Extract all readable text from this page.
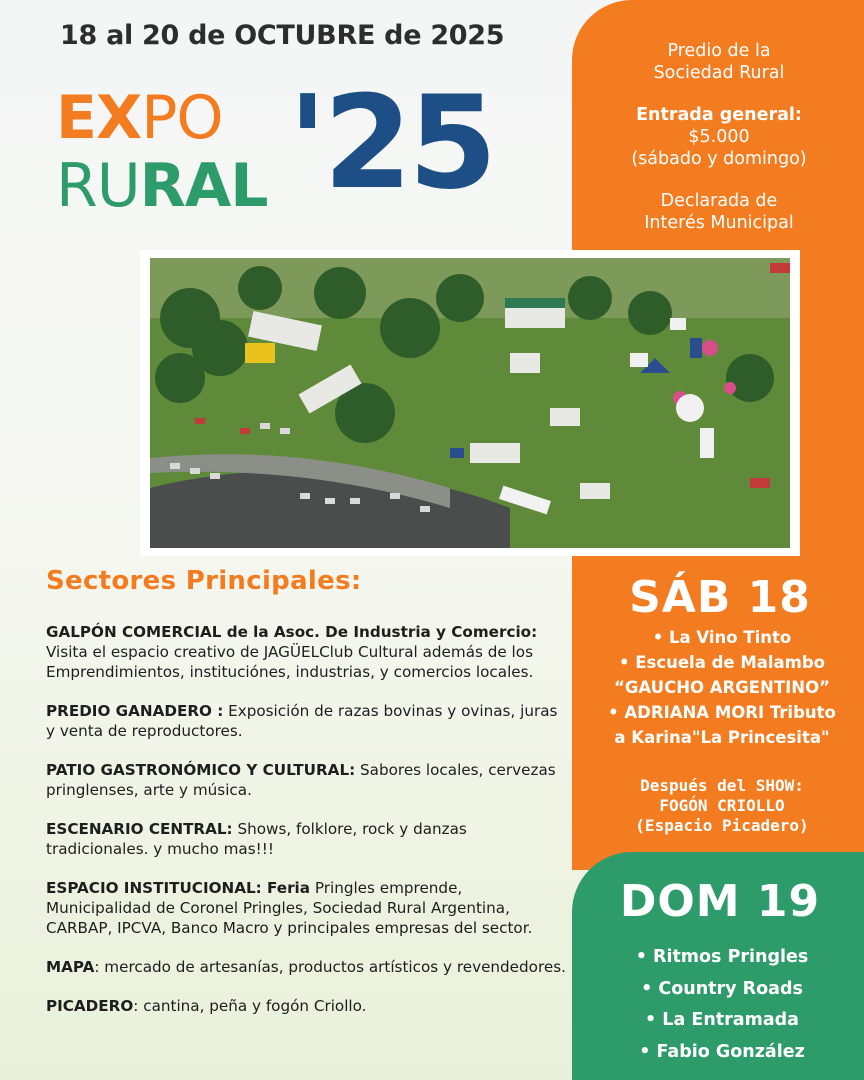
18 al 20 de OCTUBRE de 2025
EXPO
RURAL '25

Predio de la
Sociedad Rural

Entrada general:
$5.000
(sábado y domingo)

Declarada de
Interés Municipal

Sectores Principales:
GALPÓN COMERCIAL de la Asoc. De Industria y Comercio: Visita el espacio creativo de JAGÜELClub Cultural además de los Emprendimientos, instituciónes, industrias, y comercios locales.
PREDIO GANADERO : Exposición de razas bovinas y ovinas, juras y venta de reproductores.
PATIO GASTRONÓMICO Y CULTURAL: Sabores locales, cervezas pringlenses, arte y música.
ESCENARIO CENTRAL: Shows, folklore, rock y danzas tradicionales. y mucho mas!!!
ESPACIO INSTITUCIONAL: Feria Pringles emprende, Municipalidad de Coronel Pringles, Sociedad Rural Argentina, CARBAP, IPCVA, Banco Macro y principales empresas del sector.
MAPA: mercado de artesanías, productos artísticos y revendedores.
PICADERO: cantina, peña y fogón Criollo.
SÁB 18
• La Vino Tinto
• Escuela de Malambo
“GAUCHO ARGENTINO”
• ADRIANA MORI Tributo
a Karina"La Princesita"
Después del SHOW:
FOGÓN CRIOLLO
(Espacio Picadero)
DOM 19
• Ritmos Pringles
• Country Roads
• La Entramada
• Fabio González
